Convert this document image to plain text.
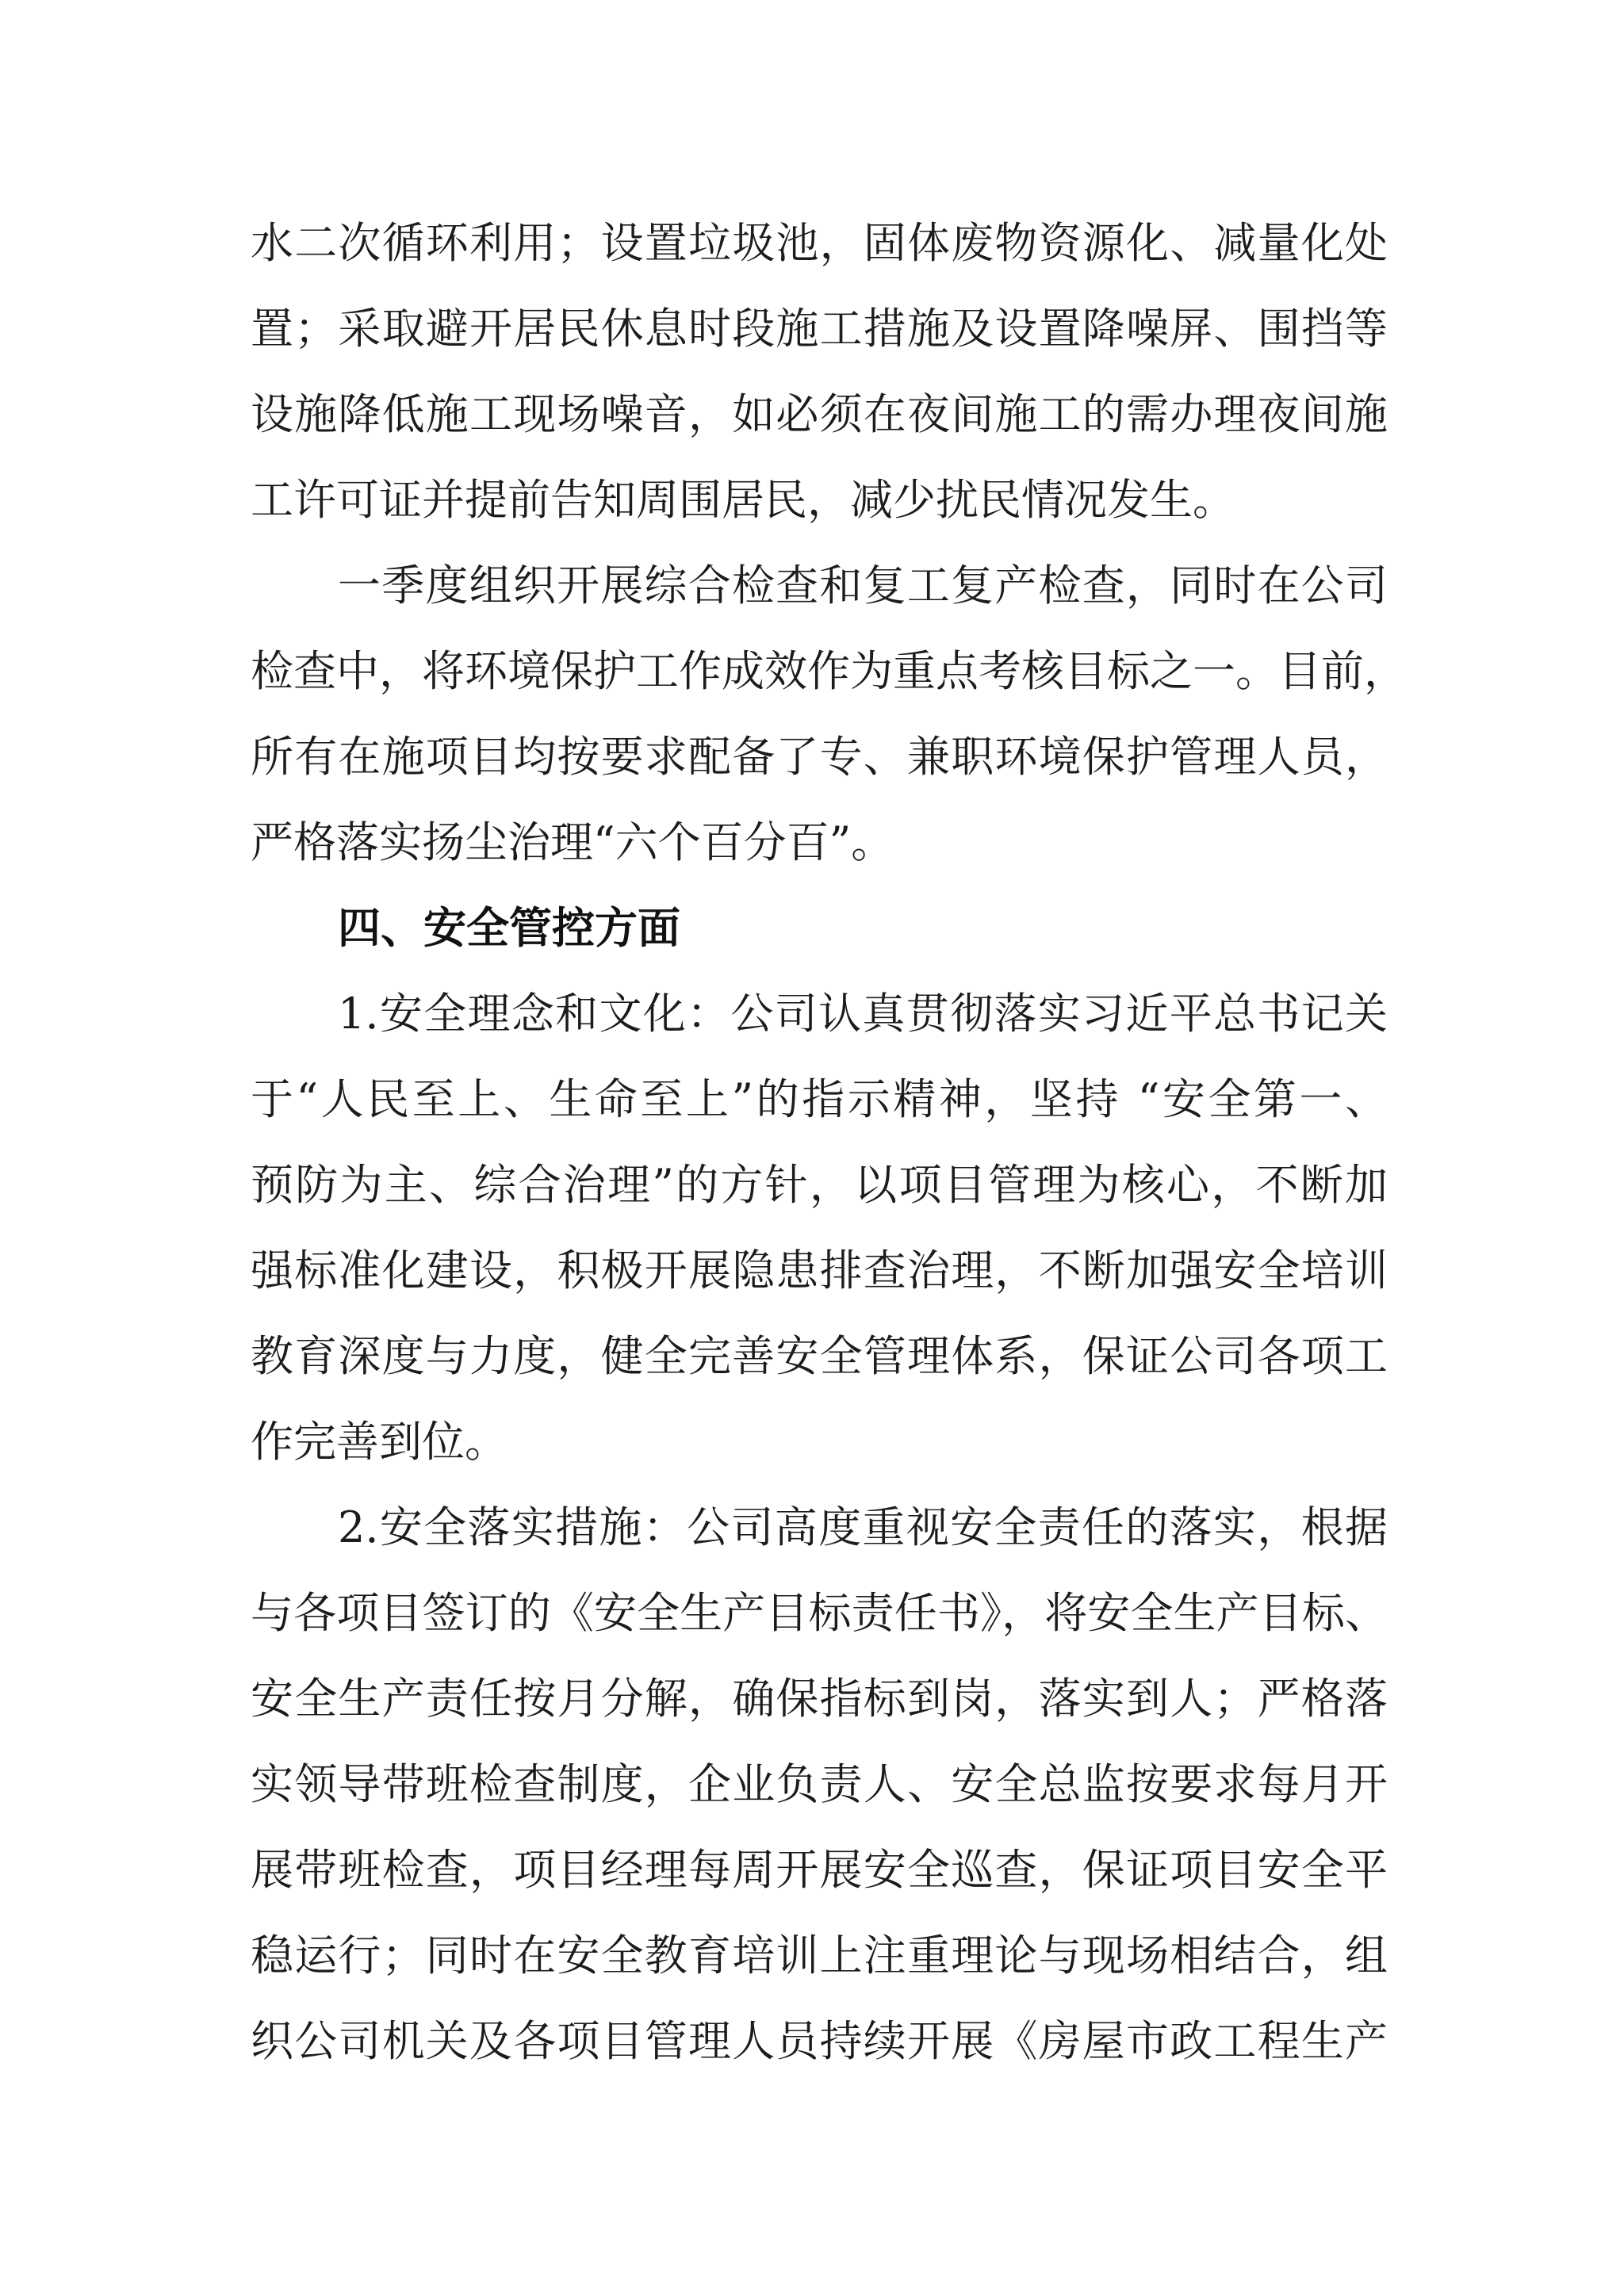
水二次循环利用；设置垃圾池，固体废物资源化、减量化处
置；采取避开居民休息时段施工措施及设置降噪屏、围挡等
设施降低施工现场噪音，如必须在夜间施工的需办理夜间施
工许可证并提前告知周围居民，减少扰民情况发生。
一季度组织开展综合检查和复工复产检查，同时在公司
检查中，将环境保护工作成效作为重点考核目标之一。目前，
所有在施项目均按要求配备了专、兼职环境保护管理人员，
严格落实扬尘治理“六个百分百”。
四、安全管控方面
1.安全理念和文化：公司认真贯彻落实习近平总书记关
于“人民至上、生命至上”的指示精神，坚持 “安全第一、
预防为主、综合治理”的方针，以项目管理为核心，不断加
强标准化建设，积极开展隐患排查治理，不断加强安全培训
教育深度与力度，健全完善安全管理体系，保证公司各项工
作完善到位。
2.安全落实措施：公司高度重视安全责任的落实，根据
与各项目签订的《安全生产目标责任书》，将安全生产目标、
安全生产责任按月分解，确保指标到岗，落实到人；严格落
实领导带班检查制度，企业负责人、安全总监按要求每月开
展带班检查，项目经理每周开展安全巡查，保证项目安全平
稳运行；同时在安全教育培训上注重理论与现场相结合，组
织公司机关及各项目管理人员持续开展《房屋市政工程生产
